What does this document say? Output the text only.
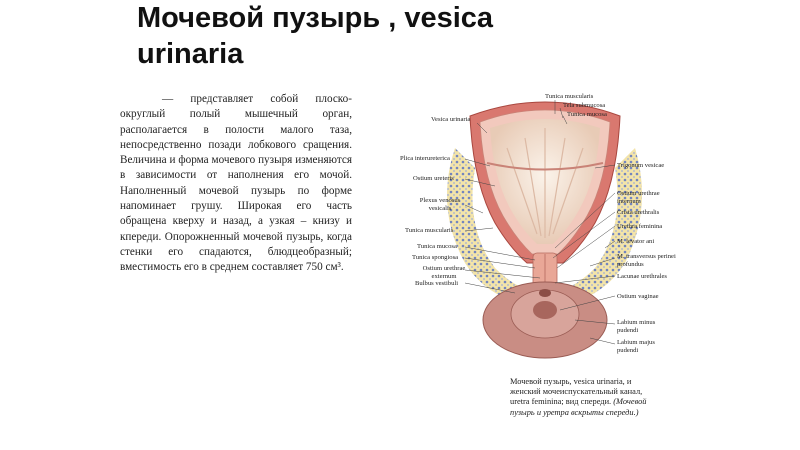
Мочевой пузырь , vesica
urinaria
— представляет собой плоско-округлый полый мышечный орган, располагается в полости малого таза, непосредственно позади лобкового сращения. Величина и форма мочевого пузыря изменяются в зависимости от наполнения его мочой. Наполненный мочевой пузырь по форме напоминает грушу. Широкая его часть обращена кверху и назад, а узкая – книзу и кпереди. Опорожненный мочевой пузырь, когда стенки его спадаются, блюдцеобразный; вместимость его в среднем составляет 750 см³.
Vesica urinaria
Plica interureterica
Ostium ureteris
Plexus venosus vesicalis
Tunica muscularis
Tunica mucosa
Tunica spongiosa
Ostium urethrae externum
Bulbus vestibuli
Tunica muscularis
Tela submucosa
Tunica mucosa
Trigonum vesicae
Ostium urethrae internum
Crista urethralis
Urethra feminina
M. levator ani
M. transversus perinei profundus
Lacunae urethrales
Ostium vaginae
Labium minus pudendi
Labium majus pudendi
Мочевой пузырь, vesica urinaria, и женский мочеиспускательный канал, uretra feminina; вид спереди. (Мочевой пузырь и уретра вскрыты спереди.)
